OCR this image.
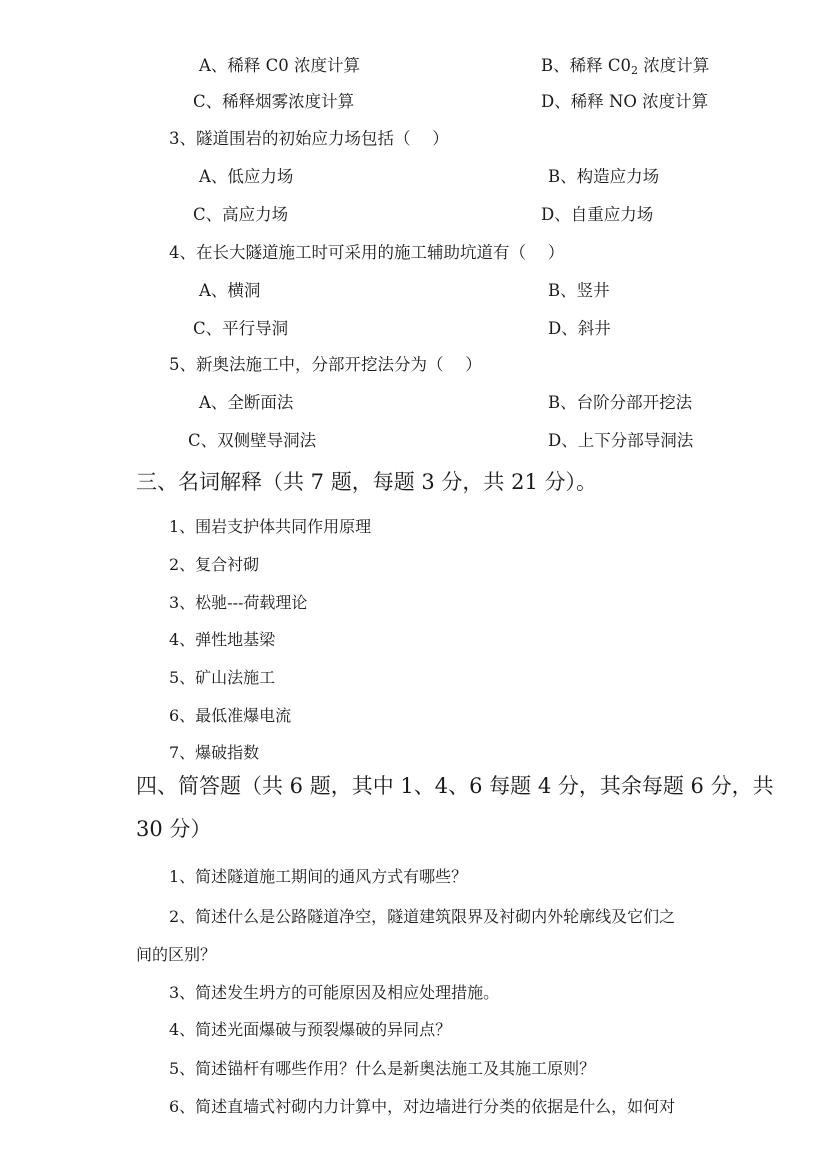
A、稀释 C0 浓度计算	B、稀释 $C0_2$ 浓度计算
C、稀释烟雾浓度计算	D、稀释 NO 浓度计算
3、隧道围岩的初始应力场包括（　 ）
A、低应力场	B、构造应力场
C、高应力场	D、自重应力场
4、在长大隧道施工时可采用的施工辅助坑道有（　 ）
A、横洞	B、竖井
C、平行导洞	D、斜井
5、新奥法施工中，分部开挖法分为（　 ）
A、全断面法	B、台阶分部开挖法
C、双侧壁导洞法	D、上下分部导洞法
三、名词解释（共 7 题，每题 3 分，共 21 分）。
1、围岩支护体共同作用原理
2、复合衬砌
3、松驰---荷载理论
4、弹性地基梁
5、矿山法施工
6、最低准爆电流
7、爆破指数
四、简答题（共 6 题，其中 1、4、6 每题 4 分，其余每题 6 分，共
30 分）
1、简述隧道施工期间的通风方式有哪些？
2、简述什么是公路隧道净空，隧道建筑限界及衬砌内外轮廓线及它们之
间的区别？
3、简述发生坍方的可能原因及相应处理措施。
4、简述光面爆破与预裂爆破的异同点？
5、简述锚杆有哪些作用？什么是新奥法施工及其施工原则？
6、简述直墙式衬砌内力计算中，对边墙进行分类的依据是什么，如何对
